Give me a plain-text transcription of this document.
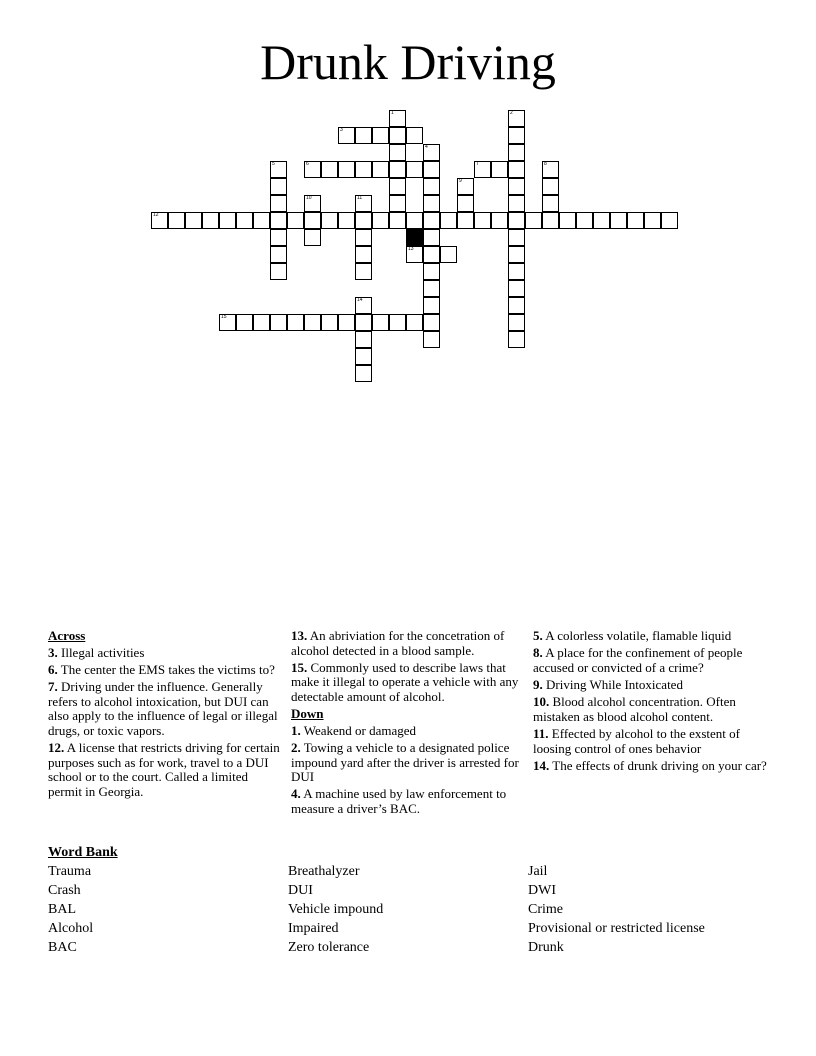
Drunk Driving
3
6	7
12
13
15
1	2
4
5	8
9
10	11
14
Across
3. Illegal activities
6. The center the EMS takes the victims to?
7. Driving under the influence. Generally refers to alcohol intoxication, but DUI can also apply to the influence of legal or illegal drugs, or toxic vapors.
12. A license that restricts driving for certain purposes such as for work, travel to a DUI school or to the court. Called a limited permit in Georgia.
13. An abriviation for the concetration of alcohol detected in a blood sample.
15. Commonly used to describe laws that make it illegal to operate a vehicle with any detectable amount of alcohol.
Down
1. Weakend or damaged
2. Towing a vehicle to a designated police impound yard after the driver is arrested for DUI
4. A machine used by law enforcement to measure a driver’s BAC.
5. A colorless volatile, flamable liquid
8. A place for the confinement of people accused or convicted of a crime?
9. Driving While Intoxicated
10. Blood alcohol concentration. Often mistaken as blood alcohol content.
11. Effected by alcohol to the exstent of loosing control of ones behavior
14. The effects of drunk driving on your car?
Word Bank
Trauma
Crash
BAL
Alcohol
BAC
Breathalyzer
DUI
Vehicle impound
Impaired
Zero tolerance
Jail
DWI
Crime
Provisional or restricted license
Drunk
